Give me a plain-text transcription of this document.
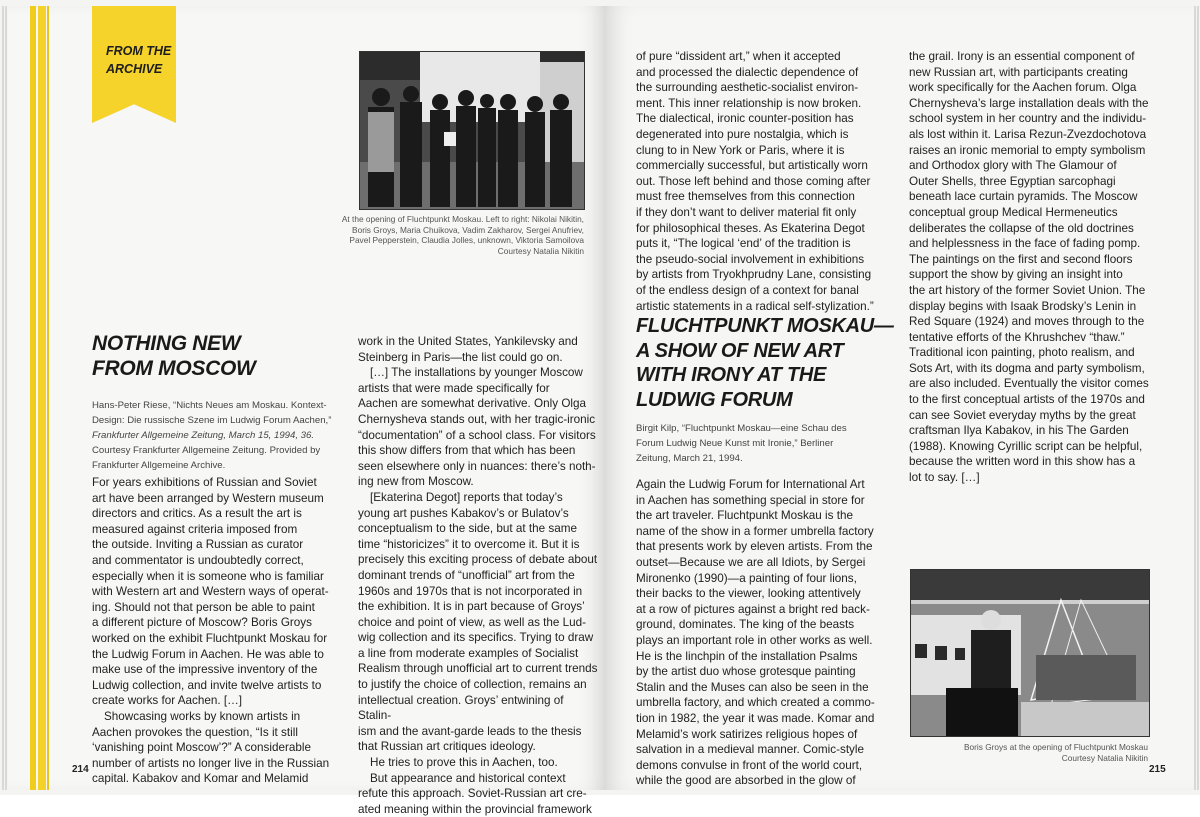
FROM THE
ARCHIVE
At the opening of Fluchtpunkt Moskau. Left to right: Nikolai Nikitin,
Boris Groys, Maria Chuikova, Vadim Zakharov, Sergei Anufriev,
Pavel Pepperstein, Claudia Jolles, unknown, Viktoria Samoilova
Courtesy Natalia Nikitin
NOTHING NEW
FROM MOSCOW
Hans-Peter Riese, “Nichts Neues am Moskau. Kontext-
Design: Die russische Szene im Ludwig Forum Aachen,”
Frankfurter Allgemeine Zeitung, March 15, 1994, 36.
Courtesy Frankfurter Allgemeine Zeitung. Provided by
Frankfurter Allgemeine Archive.

For years exhibitions of Russian and Soviet

art have been arranged by Western museum

directors and critics. As a result the art is

measured against criteria imposed from

the outside. Inviting a Russian as curator

and commentator is undoubtedly correct,

especially when it is someone who is familiar

with Western art and Western ways of operat-

ing. Should not that person be able to paint

a different picture of Moscow? Boris Groys

worked on the exhibit Fluchtpunkt Moskau for

the Ludwig Forum in Aachen. He was able to

make use of the impressive inventory of the

Ludwig collection, and invite twelve artists to

create works for Aachen. […]

Showcasing works by known artists in

Aachen provokes the question, “Is it still

‘vanishing point Moscow’?” A considerable

number of artists no longer live in the Russian

capital. Kabakov and Komar and Melamid

work in the United States, Yankilevsky and

Steinberg in Paris—the list could go on.

[…] The installations by younger Moscow

artists that were made specifically for

Aachen are somewhat derivative. Only Olga

Chernysheva stands out, with her tragic-ironic

“documentation” of a school class. For visitors

this show differs from that which has been

seen elsewhere only in nuances: there’s noth-

ing new from Moscow.

[Ekaterina Degot] reports that today’s

young art pushes Kabakov’s or Bulatov’s

conceptualism to the side, but at the same

time “historicizes” it to overcome it. But it is

precisely this exciting process of debate about

dominant trends of “unofficial” art from the

1960s and 1970s that is not incorporated in

the exhibition. It is in part because of Groys’

choice and point of view, as well as the Lud-

wig collection and its specifics. Trying to draw

a line from moderate examples of Socialist

Realism through unofficial art to current trends

to justify the choice of collection, remains an

intellectual creation. Groys’ entwining of Stalin-

ism and the avant-garde leads to the thesis

that Russian art critiques ideology.

He tries to prove this in Aachen, too.

But appearance and historical context

refute this approach. Soviet-Russian art cre-

ated meaning within the provincial framework

214

of pure “dissident art,” when it accepted

and processed the dialectic dependence of

the surrounding aesthetic-socialist environ-

ment. This inner relationship is now broken.

The dialectical, ironic counter-position has

degenerated into pure nostalgia, which is

clung to in New York or Paris, where it is

commercially successful, but artistically worn

out. Those left behind and those coming after

must free themselves from this connection

if they don’t want to deliver material fit only

for philosophical theses. As Ekaterina Degot

puts it, “The logical ‘end’ of the tradition is

the pseudo-social involvement in exhibitions

by artists from Tryokhprudny Lane, consisting

of the endless design of a context for banal

artistic statements in a radical self-stylization.”

FLUCHTPUNKT MOSKAU—
A SHOW OF NEW ART
WITH IRONY AT THE
LUDWIG FORUM
Birgit Kilp, “Fluchtpunkt Moskau—eine Schau des
Forum Ludwig Neue Kunst mit Ironie,” Berliner
Zeitung, March 21, 1994.

Again the Ludwig Forum for International Art

in Aachen has something special in store for

the art traveler. Fluchtpunkt Moskau is the

name of the show in a former umbrella factory

that presents work by eleven artists. From the

outset—Because we are all Idiots, by Sergei

Mironenko (1990)—a painting of four lions,

their backs to the viewer, looking attentively

at a row of pictures against a bright red back-

ground, dominates. The king of the beasts

plays an important role in other works as well.

He is the linchpin of the installation Psalms

by the artist duo whose grotesque painting

Stalin and the Muses can also be seen in the

umbrella factory, and which created a commo-

tion in 1982, the year it was made. Komar and

Melamid’s work satirizes religious hopes of

salvation in a medieval manner. Comic-style

demons convulse in front of the world court,

while the good are absorbed in the glow of

the grail. Irony is an essential component of

new Russian art, with participants creating

work specifically for the Aachen forum. Olga

Chernysheva’s large installation deals with the

school system in her country and the individu-

als lost within it. Larisa Rezun-Zvezdochotova

raises an ironic memorial to empty symbolism

and Orthodox glory with The Glamour of

Outer Shells, three Egyptian sarcophagi

beneath lace curtain pyramids. The Moscow

conceptual group Medical Hermeneutics

deliberates the collapse of the old doctrines

and helplessness in the face of fading pomp.

The paintings on the first and second floors

support the show by giving an insight into

the art history of the former Soviet Union. The

display begins with Isaak Brodsky’s Lenin in

Red Square (1924) and moves through to the

tentative efforts of the Khrushchev “thaw.”

Traditional icon painting, photo realism, and

Sots Art, with its dogma and party symbolism,

are also included. Eventually the visitor comes

to the first conceptual artists of the 1970s and

can see Soviet everyday myths by the great

craftsman Ilya Kabakov, in his The Garden

(1988). Knowing Cyrillic script can be helpful,

because the written word in this show has a

lot to say. […]

Boris Groys at the opening of Fluchtpunkt Moskau
Courtesy Natalia Nikitin
215
